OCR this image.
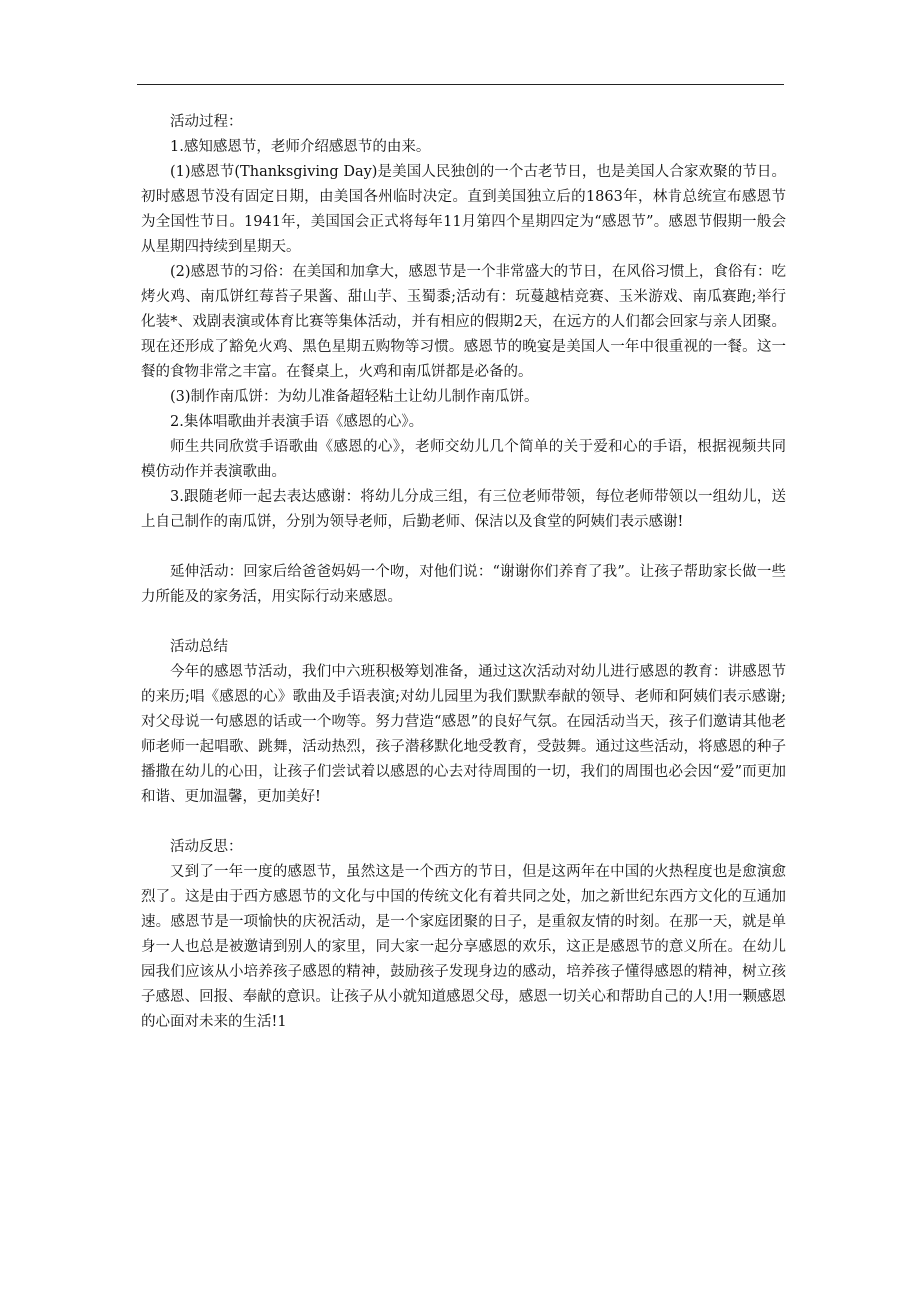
活动过程：

1.感知感恩节，老师介绍感恩节的由来。

(1)感恩节(Thanksgiving Day)是美国人民独创的一个古老节日，也是美国人合家欢聚的节日。初时感恩节没有固定日期，由美国各州临时决定。直到美国独立后的1863年，林肯总统宣布感恩节为全国性节日。1941年，美国国会正式将每年11月第四个星期四定为“感恩节”。感恩节假期一般会从星期四持续到星期天。

(2)感恩节的习俗：在美国和加拿大，感恩节是一个非常盛大的节日，在风俗习惯上，食俗有：吃烤火鸡、南瓜饼红莓苔子果酱、甜山芋、玉蜀黍;活动有：玩蔓越桔竞赛、玉米游戏、南瓜赛跑;举行化装*、戏剧表演或体育比赛等集体活动，并有相应的假期2天，在远方的人们都会回家与亲人团聚。现在还形成了豁免火鸡、黑色星期五购物等习惯。感恩节的晚宴是美国人一年中很重视的一餐。这一餐的食物非常之丰富。在餐桌上，火鸡和南瓜饼都是必备的。

(3)制作南瓜饼：为幼儿准备超轻粘土让幼儿制作南瓜饼。

2.集体唱歌曲并表演手语《感恩的心》。

师生共同欣赏手语歌曲《感恩的心》，老师交幼儿几个简单的关于爱和心的手语，根据视频共同模仿动作并表演歌曲。

3.跟随老师一起去表达感谢：将幼儿分成三组，有三位老师带领，每位老师带领以一组幼儿，送上自己制作的南瓜饼，分别为领导老师，后勤老师、保洁以及食堂的阿姨们表示感谢!

延伸活动：回家后给爸爸妈妈一个吻，对他们说：“谢谢你们养育了我”。让孩子帮助家长做一些力所能及的家务活，用实际行动来感恩。

活动总结

今年的感恩节活动，我们中六班积极筹划准备，通过这次活动对幼儿进行感恩的教育：讲感恩节的来历;唱《感恩的心》歌曲及手语表演;对幼儿园里为我们默默奉献的领导、老师和阿姨们表示感谢;对父母说一句感恩的话或一个吻等。努力营造“感恩”的良好气氛。在园活动当天，孩子们邀请其他老师老师一起唱歌、跳舞，活动热烈，孩子潜移默化地受教育，受鼓舞。通过这些活动，将感恩的种子播撒在幼儿的心田，让孩子们尝试着以感恩的心去对待周围的一切，我们的周围也必会因“爱”而更加和谐、更加温馨，更加美好!

活动反思：

又到了一年一度的感恩节，虽然这是一个西方的节日，但是这两年在中国的火热程度也是愈演愈烈了。这是由于西方感恩节的文化与中国的传统文化有着共同之处，加之新世纪东西方文化的互通加速。感恩节是一项愉快的庆祝活动，是一个家庭团聚的日子，是重叙友情的时刻。在那一天，就是单身一人也总是被邀请到别人的家里，同大家一起分享感恩的欢乐，这正是感恩节的意义所在。在幼儿园我们应该从小培养孩子感恩的精神，鼓励孩子发现身边的感动，培养孩子懂得感恩的精神，树立孩子感恩、回报、奉献的意识。让孩子从小就知道感恩父母，感恩一切关心和帮助自己的人!用一颗感恩的心面对未来的生活!1
